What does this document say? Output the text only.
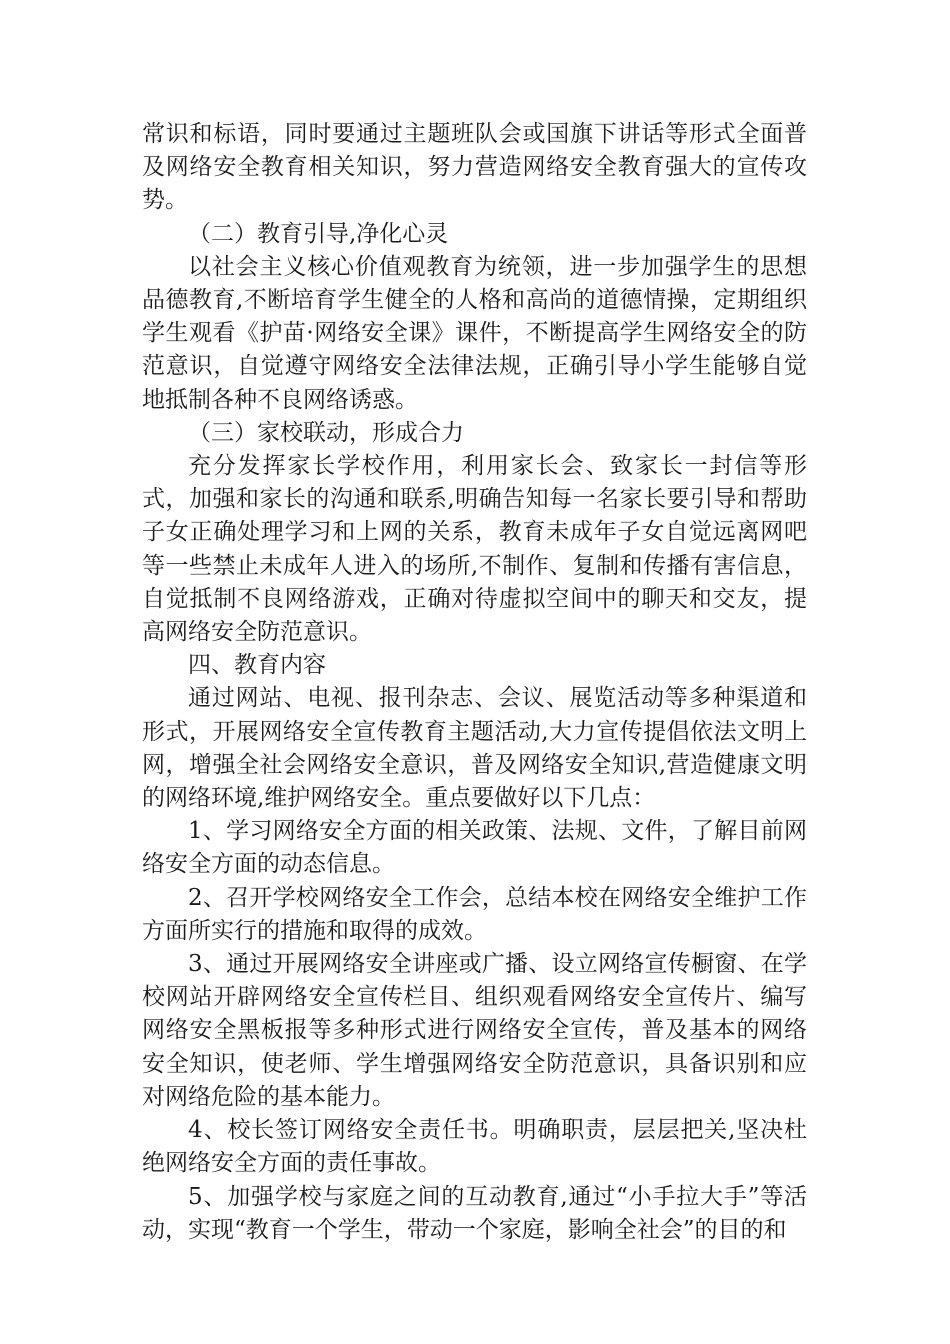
常识和标语，同时要通过主题班队会或国旗下讲话等形式全面普及网络安全教育相关知识，努力营造网络安全教育强大的宣传攻势。

（二）教育引导,净化心灵

以社会主义核心价值观教育为统领，进一步加强学生的思想品德教育,不断培育学生健全的人格和高尚的道德情操，定期组织学生观看《护苗·网络安全课》课件，不断提高学生网络安全的防范意识，自觉遵守网络安全法律法规，正确引导小学生能够自觉地抵制各种不良网络诱惑。

（三）家校联动，形成合力

充分发挥家长学校作用，利用家长会、致家长一封信等形式，加强和家长的沟通和联系,明确告知每一名家长要引导和帮助子女正确处理学习和上网的关系，教育未成年子女自觉远离网吧等一些禁止未成年人进入的场所,不制作、复制和传播有害信息，自觉抵制不良网络游戏，正确对待虚拟空间中的聊天和交友，提高网络安全防范意识。

四、教育内容

通过网站、电视、报刊杂志、会议、展览活动等多种渠道和形式，开展网络安全宣传教育主题活动,大力宣传提倡依法文明上网，增强全社会网络安全意识，普及网络安全知识,营造健康文明的网络环境,维护网络安全。重点要做好以下几点：

1、学习网络安全方面的相关政策、法规、文件，了解目前网络安全方面的动态信息。

2、召开学校网络安全工作会，总结本校在网络安全维护工作方面所实行的措施和取得的成效。

3、通过开展网络安全讲座或广播、设立网络宣传橱窗、在学校网站开辟网络安全宣传栏目、组织观看网络安全宣传片、编写网络安全黑板报等多种形式进行网络安全宣传，普及基本的网络安全知识，使老师、学生增强网络安全防范意识，具备识别和应对网络危险的基本能力。

4、校长签订网络安全责任书。明确职责，层层把关,坚决杜绝网络安全方面的责任事故。

5、加强学校与家庭之间的互动教育,通过“小手拉大手”等活动，实现“教育一个学生，带动一个家庭，影响全社会”的目的和
